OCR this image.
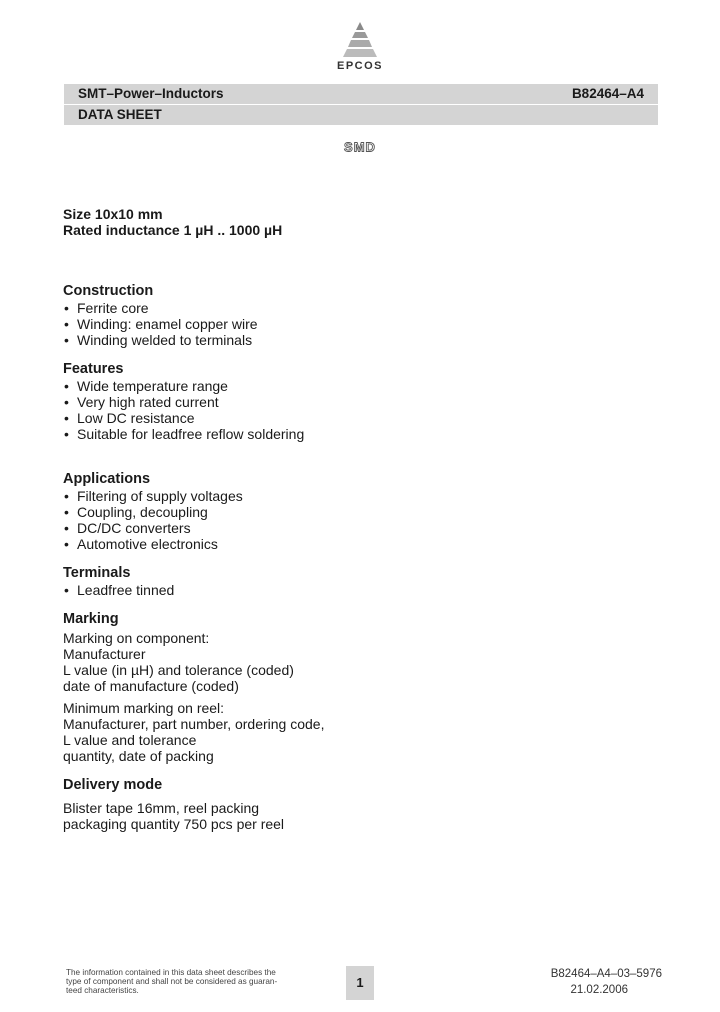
EPCOS
SMT–Power–Inductors	B82464–A4
DATA SHEET
SMD
Size 10x10 mm
Rated inductance 1 µH .. 1000 µH
Construction
• Ferrite core
• Winding: enamel copper wire
• Winding welded to terminals
Features
• Wide temperature range
• Very high rated current
• Low DC resistance
• Suitable for leadfree reflow soldering
Applications
• Filtering of supply voltages
• Coupling, decoupling
• DC/DC converters
• Automotive electronics
Terminals
• Leadfree tinned
Marking
Marking on component:
Manufacturer
L value (in µH) and tolerance (coded)
date of manufacture (coded)
Minimum marking on reel:
Manufacturer, part number, ordering code,
L value and tolerance
quantity, date of packing
Delivery mode
Blister tape 16mm, reel packing
packaging quantity 750 pcs per reel
The information contained in this data sheet describes the
type of component and shall not be considered as guaran-
teed characteristics.
1
B82464–A4–03–5976
21.02.2006
